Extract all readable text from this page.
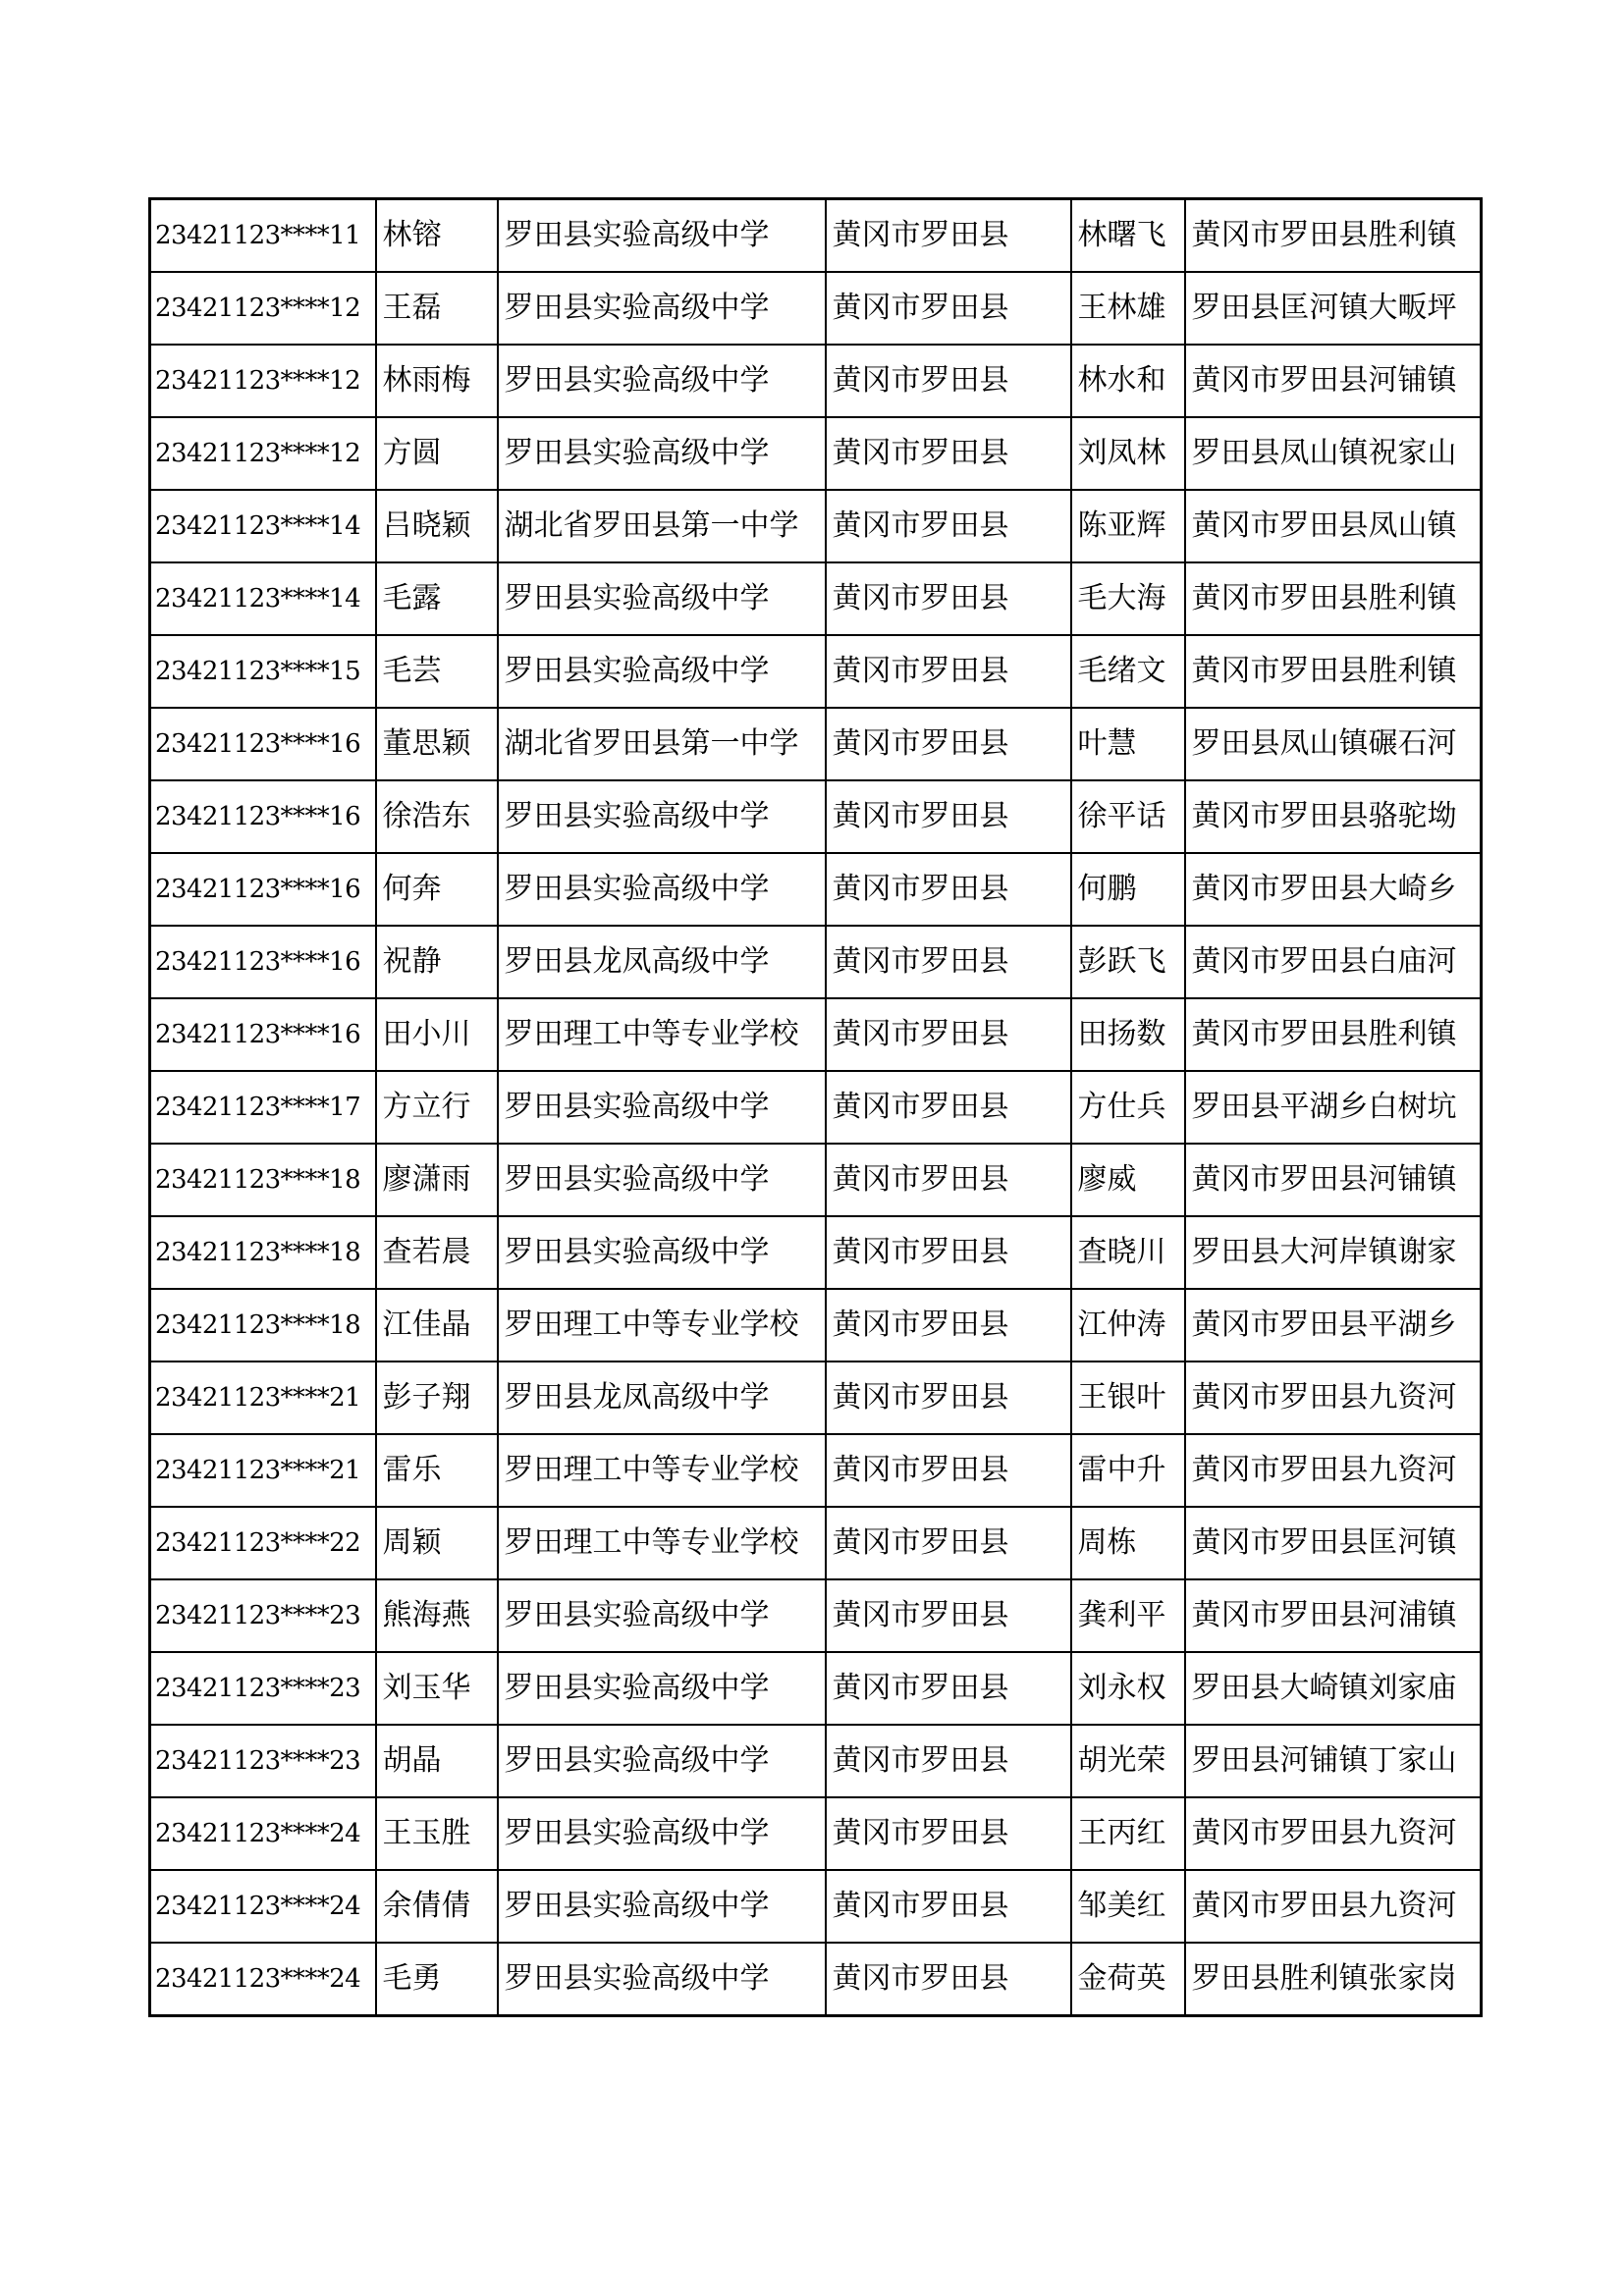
23421123****11	林镕	罗田县实验高级中学	黄冈市罗田县	林曙飞	黄冈市罗田县胜利镇
23421123****12	王磊	罗田县实验高级中学	黄冈市罗田县	王林雄	罗田县匡河镇大畈坪
23421123****12	林雨梅	罗田县实验高级中学	黄冈市罗田县	林水和	黄冈市罗田县河铺镇
23421123****12	方圆	罗田县实验高级中学	黄冈市罗田县	刘凤林	罗田县凤山镇祝家山
23421123****14	吕晓颖	湖北省罗田县第一中学	黄冈市罗田县	陈亚辉	黄冈市罗田县凤山镇
23421123****14	毛露	罗田县实验高级中学	黄冈市罗田县	毛大海	黄冈市罗田县胜利镇
23421123****15	毛芸	罗田县实验高级中学	黄冈市罗田县	毛绪文	黄冈市罗田县胜利镇
23421123****16	董思颖	湖北省罗田县第一中学	黄冈市罗田县	叶慧	罗田县凤山镇碾石河
23421123****16	徐浩东	罗田县实验高级中学	黄冈市罗田县	徐平话	黄冈市罗田县骆驼坳
23421123****16	何奔	罗田县实验高级中学	黄冈市罗田县	何鹏	黄冈市罗田县大崎乡
23421123****16	祝静	罗田县龙凤高级中学	黄冈市罗田县	彭跃飞	黄冈市罗田县白庙河
23421123****16	田小川	罗田理工中等专业学校	黄冈市罗田县	田扬数	黄冈市罗田县胜利镇
23421123****17	方立行	罗田县实验高级中学	黄冈市罗田县	方仕兵	罗田县平湖乡白树坑
23421123****18	廖潇雨	罗田县实验高级中学	黄冈市罗田县	廖威	黄冈市罗田县河铺镇
23421123****18	查若晨	罗田县实验高级中学	黄冈市罗田县	查晓川	罗田县大河岸镇谢家
23421123****18	江佳晶	罗田理工中等专业学校	黄冈市罗田县	江仲涛	黄冈市罗田县平湖乡
23421123****21	彭子翔	罗田县龙凤高级中学	黄冈市罗田县	王银叶	黄冈市罗田县九资河
23421123****21	雷乐	罗田理工中等专业学校	黄冈市罗田县	雷中升	黄冈市罗田县九资河
23421123****22	周颖	罗田理工中等专业学校	黄冈市罗田县	周栋	黄冈市罗田县匡河镇
23421123****23	熊海燕	罗田县实验高级中学	黄冈市罗田县	龚利平	黄冈市罗田县河浦镇
23421123****23	刘玉华	罗田县实验高级中学	黄冈市罗田县	刘永权	罗田县大崎镇刘家庙
23421123****23	胡晶	罗田县实验高级中学	黄冈市罗田县	胡光荣	罗田县河铺镇丁家山
23421123****24	王玉胜	罗田县实验高级中学	黄冈市罗田县	王丙红	黄冈市罗田县九资河
23421123****24	余倩倩	罗田县实验高级中学	黄冈市罗田县	邹美红	黄冈市罗田县九资河
23421123****24	毛勇	罗田县实验高级中学	黄冈市罗田县	金荷英	罗田县胜利镇张家岗
